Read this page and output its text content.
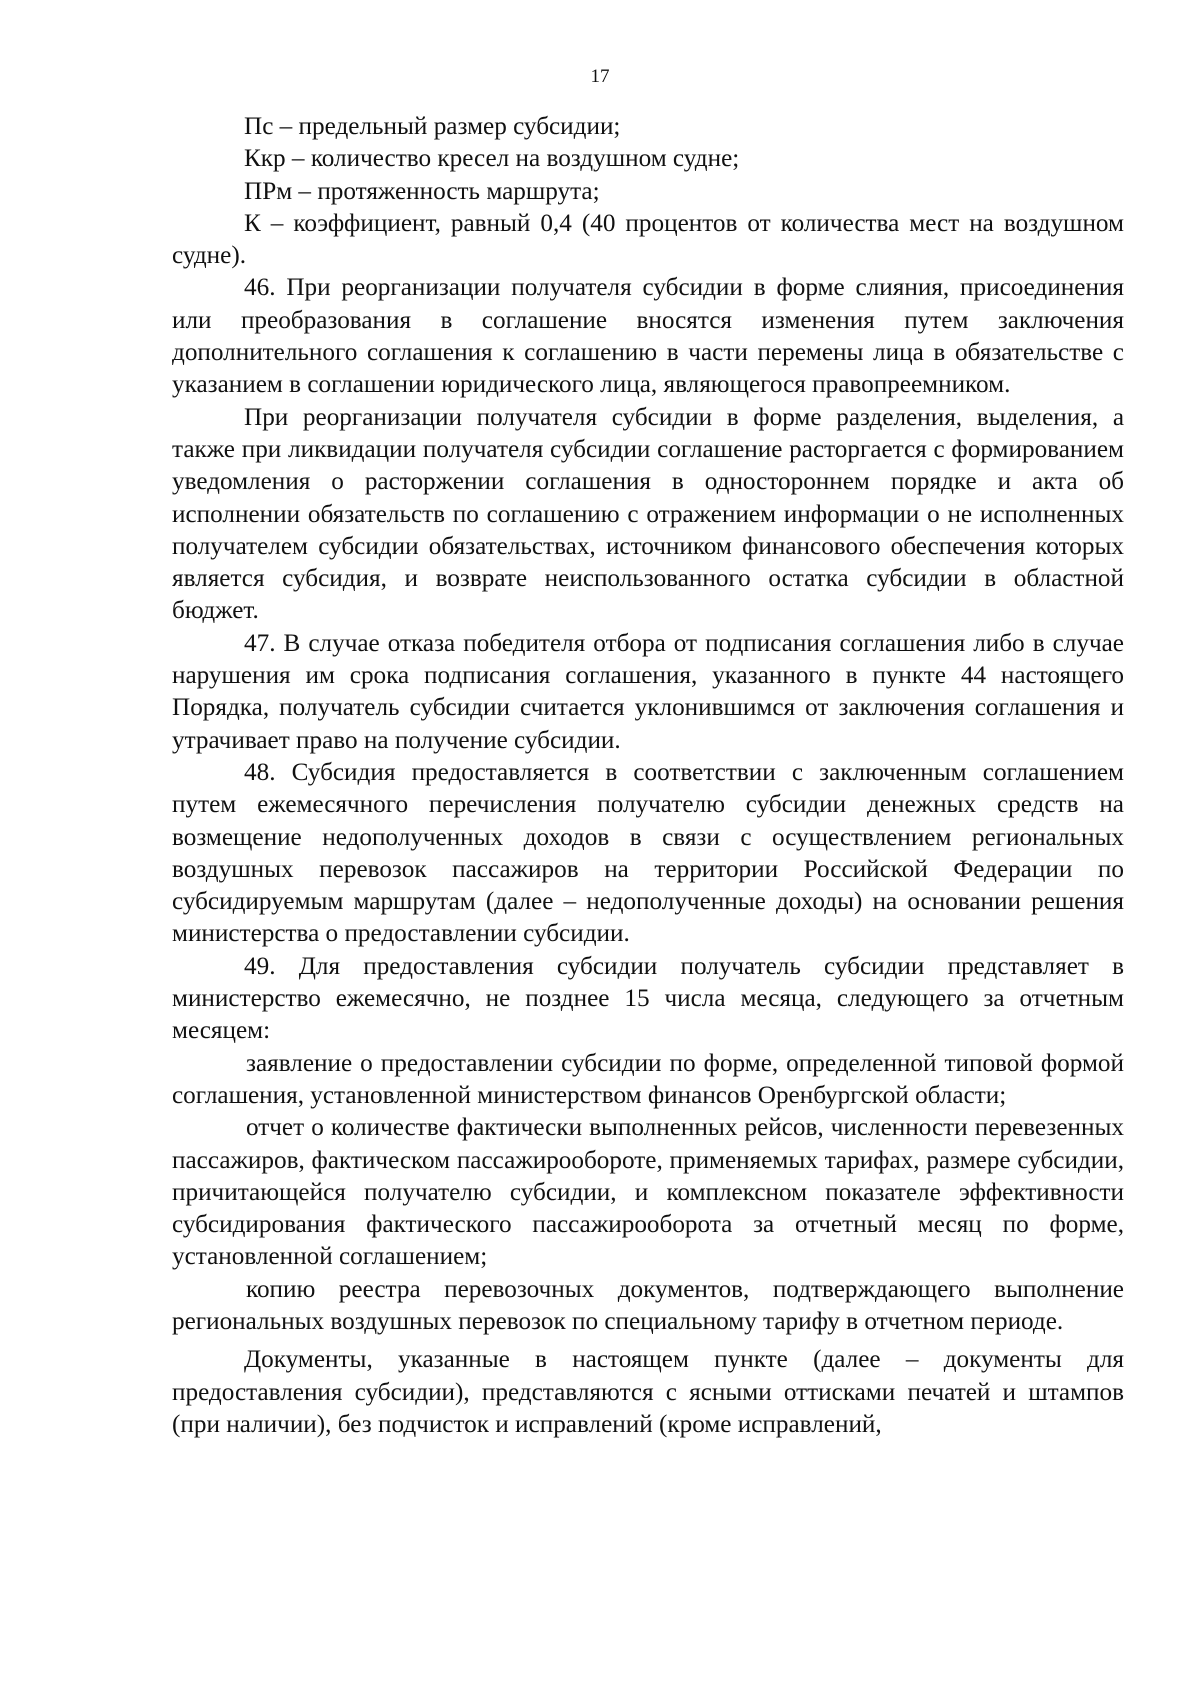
17

Пс – предельный размер субсидии;

Ккр – количество кресел на воздушном судне;

ПРм – протяженность маршрута;

К – коэффициент, равный 0,4 (40 процентов от количества мест на воздушном судне).

46. При реорганизации получателя субсидии в форме слияния, присоединения или преобразования в соглашение вносятся изменения путем заключения дополнительного соглашения к соглашению в части перемены лица в обязательстве с указанием в соглашении юридического лица, являющегося правопреемником.

При реорганизации получателя субсидии в форме разделения, выделения, а также при ликвидации получателя субсидии соглашение расторгается с формированием уведомления о расторжении соглашения в одностороннем порядке и акта об исполнении обязательств по соглашению с отражением информации о не исполненных получателем субсидии обязательствах, источником финансового обеспечения которых является субсидия, и возврате неиспользованного остатка субсидии в областной бюджет.

47. В случае отказа победителя отбора от подписания соглашения либо в случае нарушения им срока подписания соглашения, указанного в пункте 44 настоящего Порядка, получатель субсидии считается уклонившимся от заключения соглашения и утрачивает право на получение субсидии.

48. Субсидия предоставляется в соответствии с заключенным соглашением путем ежемесячного перечисления получателю субсидии денежных средств на возмещение недополученных доходов в связи с осуществлением региональных воздушных перевозок пассажиров на территории Российской Федерации по субсидируемым маршрутам (далее – недополученные доходы) на основании решения министерства о предоставлении субсидии.

49. Для предоставления субсидии получатель субсидии представляет в министерство ежемесячно, не позднее 15 числа месяца, следующего за отчетным месяцем:

заявление о предоставлении субсидии по форме, определенной типовой формой соглашения, установленной министерством финансов Оренбургской области;

отчет о количестве фактически выполненных рейсов, численности перевезенных пассажиров, фактическом пассажирообороте, применяемых тарифах, размере субсидии, причитающейся получателю субсидии, и комплексном показателе эффективности субсидирования фактического пассажирооборота за отчетный месяц по форме, установленной соглашением;

копию реестра перевозочных документов, подтверждающего выполнение региональных воздушных перевозок по специальному тарифу в отчетном периоде.

Документы, указанные в настоящем пункте (далее – документы для предоставления субсидии), представляются с ясными оттисками печатей и штампов (при наличии), без подчисток и исправлений (кроме исправлений,
